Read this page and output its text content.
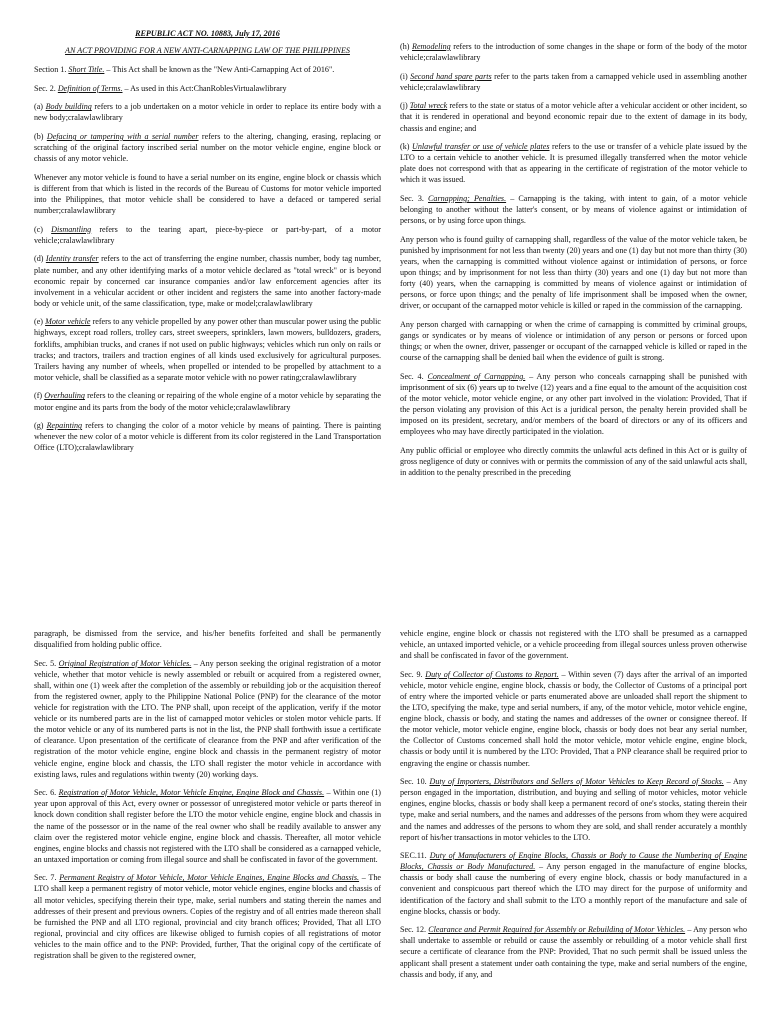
REPUBLIC ACT NO. 10883, July 17, 2016
AN ACT PROVIDING FOR A NEW ANTI-CARNAPPING LAW OF THE PHILIPPINES

Section 1. Short Title. – This Act shall be known as the "New Anti-Carnapping Act of 2016".

Sec. 2. Definition of Terms. – As used in this Act:ChanRoblesVirtualawlibrary

(a) Body building refers to a job undertaken on a motor vehicle in order to replace its entire body with a new body;cralawlawlibrary

(b) Defacing or tampering with a serial number refers to the altering, changing, erasing, replacing or scratching of the original factory inscribed serial number on the motor vehicle engine, engine block or chassis of any motor vehicle.

Whenever any motor vehicle is found to have a serial number on its engine, engine block or chassis which is different from that which is listed in the records of the Bureau of Customs for motor vehicle imported into the Philippines, that motor vehicle shall be considered to have a defaced or tampered serial number;cralawlawlibrary

(c) Dismantling refers to the tearing apart, piece-by-piece or part-by-part, of a motor vehicle;cralawlawlibrary

(d) Identity transfer refers to the act of transferring the engine number, chassis number, body tag number, plate number, and any other identifying marks of a motor vehicle declared as "total wreck" or is beyond economic repair by concerned car insurance companies and/or law enforcement agencies after its involvement in a vehicular accident or other incident and registers the same into another factory-made body or vehicle unit, of the same classification, type, make or model;cralawlawlibrary

(e) Motor vehicle refers to any vehicle propelled by any power other than muscular power using the public highways, except road rollers, trolley cars, street sweepers, sprinklers, lawn mowers, bulldozers, graders, forklifts, amphibian trucks, and cranes if not used on public highways; vehicles which run only on rails or tracks; and tractors, trailers and traction engines of all kinds used exclusively for agricultural purposes. Trailers having any number of wheels, when propelled or intended to be propelled by attachment to a motor vehicle, shall be classified as a separate motor vehicle with no power rating;cralawlawlibrary

(f) Overhauling refers to the cleaning or repairing of the whole engine of a motor vehicle by separating the motor engine and its parts from the body of the motor vehicle;cralawlawlibrary

(g) Repainting refers to changing the color of a motor vehicle by means of painting. There is painting whenever the new color of a motor vehicle is different from its color registered in the Land Transportation Office (LTO);cralawlawlibrary

(h) Remodeling refers to the introduction of some changes in the shape or form of the body of the motor vehicle;cralawlawlibrary

(i) Second hand spare parts refer to the parts taken from a carnapped vehicle used in assembling another vehicle;cralawlawlibrary

(j) Total wreck refers to the state or status of a motor vehicle after a vehicular accident or other incident, so that it is rendered in operational and beyond economic repair due to the extent of damage in its body, chassis and engine; and

(k) Unlawful transfer or use of vehicle plates refers to the use or transfer of a vehicle plate issued by the LTO to a certain vehicle to another vehicle. It is presumed illegally transferred when the motor vehicle plate does not correspond with that as appearing in the certificate of registration of the motor vehicle to which it was issued.

Sec. 3. Carnapping; Penalties. – Carnapping is the taking, with intent to gain, of a motor vehicle belonging to another without the latter's consent, or by means of violence against or intimidation of persons, or by using force upon things.

Any person who is found guilty of carnapping shall, regardless of the value of the motor vehicle taken, be punished by imprisonment for not less than twenty (20) years and one (1) day but not more than thirty (30) years, when the carnapping is committed without violence against or intimidation of persons, or force upon things; and by imprisonment for not less than thirty (30) years and one (1) day but not more than forty (40) years, when the carnapping is committed by means of violence against or intimidation of persons, or force upon things; and the penalty of life imprisonment shall be imposed when the owner, driver, or occupant of the carnapped motor vehicle is killed or raped in the commission of the carnapping.

Any person charged with carnapping or when the crime of carnapping is committed by criminal groups, gangs or syndicates or by means of violence or intimidation of any person or persons or forced upon things; or when the owner, driver, passenger or occupant of the carnapped vehicle is killed or raped in the course of the carnapping shall be denied bail when the evidence of guilt is strong.

Sec. 4. Concealment of Carnapping. – Any person who conceals carnapping shall be punished with imprisonment of six (6) years up to twelve (12) years and a fine equal to the amount of the acquisition cost of the motor vehicle, motor vehicle engine, or any other part involved in the violation: Provided, That if the person violating any provision of this Act is a juridical person, the penalty herein provided shall be imposed on its president, secretary, and/or members of the board of directors or any of its officers and employees who may have directly participated in the violation.

Any public official or employee who directly commits the unlawful acts defined in this Act or is guilty of gross negligence of duty or connives with or permits the commission of any of the said unlawful acts shall, in addition to the penalty prescribed in the preceding

paragraph, be dismissed from the service, and his/her benefits forfeited and shall be permanently disqualified from holding public office.

Sec. 5. Original Registration of Motor Vehicles. – Any person seeking the original registration of a motor vehicle, whether that motor vehicle is newly assembled or rebuilt or acquired from a registered owner, shall, within one (1) week after the completion of the assembly or rebuilding job or the acquisition thereof from the registered owner, apply to the Philippine National Police (PNP) for the clearance of the motor vehicle for registration with the LTO. The PNP shall, upon receipt of the application, verify if the motor vehicle or its numbered parts are in the list of carnapped motor vehicles or stolen motor vehicle parts. If the motor vehicle or any of its numbered parts is not in the list, the PNP shall forthwith issue a certificate of clearance. Upon presentation of the certificate of clearance from the PNP and after verification of the registration of the motor vehicle engine, engine block and chassis in the permanent registry of motor vehicle engine, engine block and chassis, the LTO shall register the motor vehicle in accordance with existing laws, rules and regulations within twenty (20) working days.

Sec. 6. Registration of Motor Vehicle, Motor Vehicle Engine, Engine Block and Chassis. – Within one (1) year upon approval of this Act, every owner or possessor of unregistered motor vehicle or parts thereof in knock down condition shall register before the LTO the motor vehicle engine, engine block and chassis in the name of the possessor or in the name of the real owner who shall be readily available to answer any claim over the registered motor vehicle engine, engine block and chassis. Thereafter, all motor vehicle engines, engine blocks and chassis not registered with the LTO shall be considered as a carnapped vehicle, an untaxed importation or coming from illegal source and shall be confiscated in favor of the government.

Sec. 7. Permanent Registry of Motor Vehicle, Motor Vehicle Engines, Engine Blocks and Chassis. – The LTO shall keep a permanent registry of motor vehicle, motor vehicle engines, engine blocks and chassis of all motor vehicles, specifying therein their type, make, serial numbers and stating therein the names and addresses of their present and previous owners. Copies of the registry and of all entries made thereon shall be furnished the PNP and all LTO regional, provincial and city branch offices; Provided, That all LTO regional, provincial and city offices are likewise obliged to furnish copies of all registrations of motor vehicles to the main office and to the PNP: Provided, further, That the original copy of the certificate of registration shall be given to the registered owner,

vehicle engine, engine block or chassis not registered with the LTO shall be presumed as a carnapped vehicle, an untaxed imported vehicle, or a vehicle proceeding from illegal sources unless proven otherwise and shall be confiscated in favor of the government.

Sec. 9. Duty of Collector of Customs to Report. – Within seven (7) days after the arrival of an imported vehicle, motor vehicle engine, engine block, chassis or body, the Collector of Customs of a principal port of entry where the imported vehicle or parts enumerated above are unloaded shall report the shipment to the LTO, specifying the make, type and serial numbers, if any, of the motor vehicle, motor vehicle engine, engine block, chassis or body, and stating the names and addresses of the owner or consignee thereof. If the motor vehicle, motor vehicle engine, engine block, chassis or body does not bear any serial number, the Collector of Customs concerned shall hold the motor vehicle, motor vehicle engine, engine block, chassis or body until it is numbered by the LTO: Provided, That a PNP clearance shall be required prior to engraving the engine or chassis number.

Sec. 10. Duty of Importers, Distributors and Sellers of Motor Vehicles to Keep Record of Stocks. – Any person engaged in the importation, distribution, and buying and selling of motor vehicles, motor vehicle engines, engine blocks, chassis or body shall keep a permanent record of one's stocks, stating therein their type, make and serial numbers, and the names and addresses of the persons from whom they were acquired and the names and addresses of the persons to whom they are sold, and shall render accurately a monthly report of his/her transactions in motor vehicles to the LTO.

SEC.11. Duty of Manufacturers of Engine Blocks, Chassis or Body to Cause the Numbering of Engine Blocks, Chassis or Body Manufactured. – Any person engaged in the manufacture of engine blocks, chassis or body shall cause the numbering of every engine block, chassis or body manufactured in a convenient and conspicuous part thereof which the LTO may direct for the purpose of uniformity and identification of the factory and shall submit to the LTO a monthly report of the manufacture and sale of engine blocks, chassis or body.

Sec. 12. Clearance and Permit Required for Assembly or Rebuilding of Motor Vehicles. – Any person who shall undertake to assemble or rebuild or cause the assembly or rebuilding of a motor vehicle shall first secure a certificate of clearance from the PNP: Provided, That no such permit shall be issued unless the applicant shall present a statement under oath containing the type, make and serial numbers of the engine, chassis and body, if any, and
